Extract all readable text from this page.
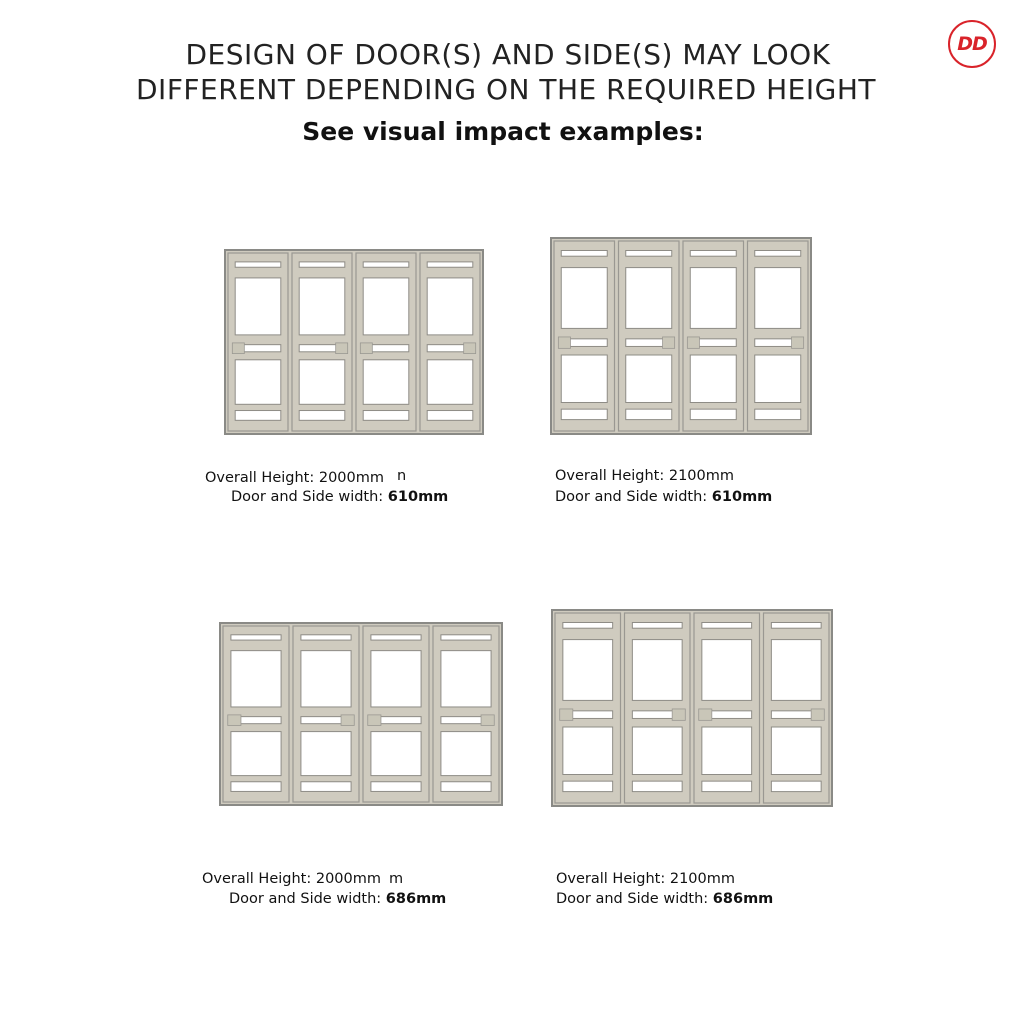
DESIGN OF DOOR(S) AND SIDE(S) MAY LOOK
DIFFERENT DEPENDING ON THE REQUIRED HEIGHT
See visual impact examples:
DD
Overall Height: 2000mm n
Door and Side width: 610mm
Overall Height: 2100mm
Door and Side width: 610mm
Overall Height: 2000mm m
Door and Side width: 686mm
Overall Height: 2100mm
Door and Side width: 686mm
